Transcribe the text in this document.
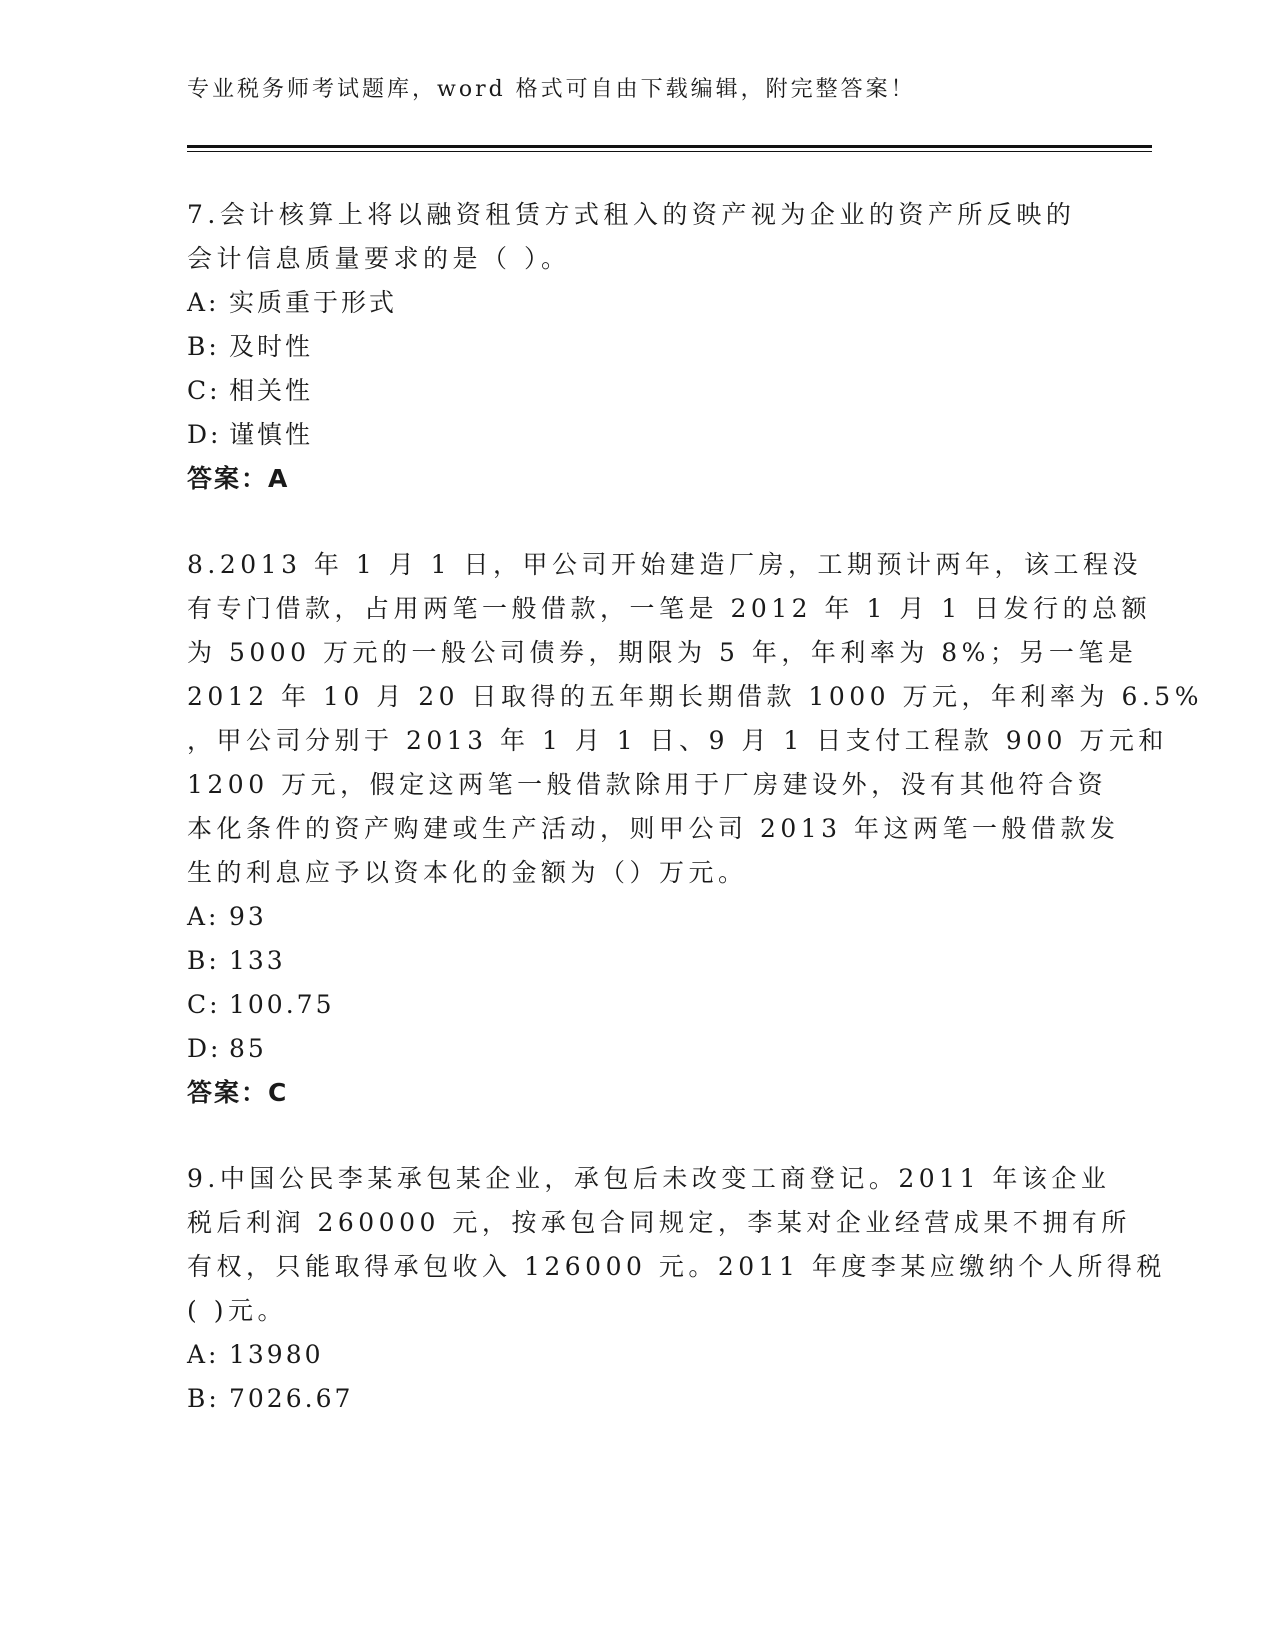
专业税务师考试题库，word 格式可自由下载编辑，附完整答案！
7.会计核算上将以融资租赁方式租入的资产视为企业的资产所反映的
会计信息质量要求的是（ ）。
A: 实质重于形式
B: 及时性
C: 相关性
D: 谨慎性
答案：A
8.2013 年 1 月 1 日，甲公司开始建造厂房，工期预计两年，该工程没
有专门借款，占用两笔一般借款，一笔是 2012 年 1 月 1 日发行的总额
为 5000 万元的一般公司债券，期限为 5 年，年利率为 8%；另一笔是
2012 年 10 月 20 日取得的五年期长期借款 1000 万元，年利率为 6.5%
，甲公司分别于 2013 年 1 月 1 日、9 月 1 日支付工程款 900 万元和
1200 万元，假定这两笔一般借款除用于厂房建设外，没有其他符合资
本化条件的资产购建或生产活动，则甲公司 2013 年这两笔一般借款发
生的利息应予以资本化的金额为（）万元。
A: 93
B: 133
C: 100.75
D: 85
答案：C
9.中国公民李某承包某企业，承包后未改变工商登记。2011 年该企业
税后利润 260000 元，按承包合同规定，李某对企业经营成果不拥有所
有权，只能取得承包收入 126000 元。2011 年度李某应缴纳个人所得税
( )元。
A: 13980
B: 7026.67
